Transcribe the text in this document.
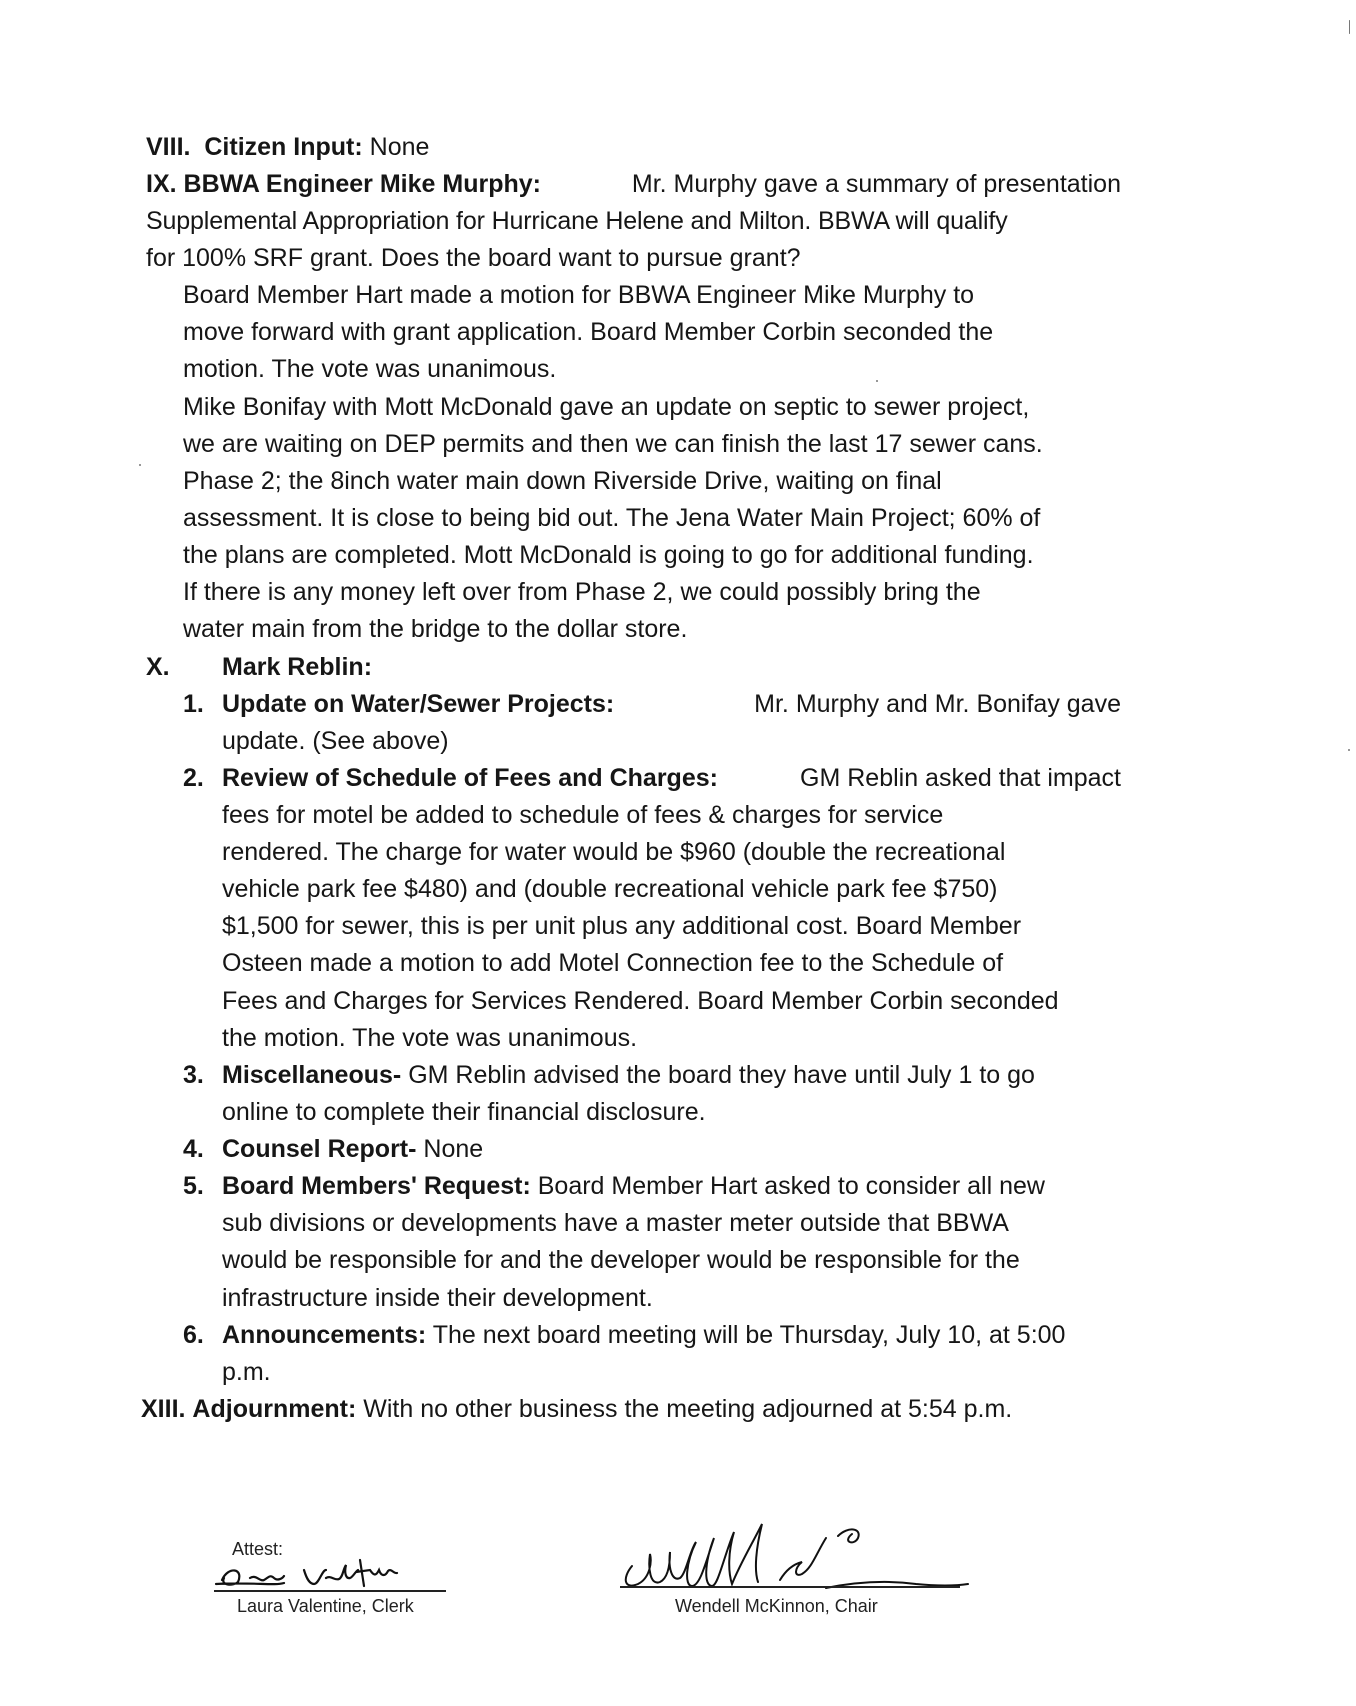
VIII. Citizen Input: None
IX. BBWA Engineer Mike Murphy:	Mr. Murphy gave a summary of presentation
Supplemental Appropriation for Hurricane Helene and Milton. BBWA will qualify
for 100% SRF grant. Does the board want to pursue grant?
Board Member Hart made a motion for BBWA Engineer Mike Murphy to
move forward with grant application. Board Member Corbin seconded the
motion. The vote was unanimous.
Mike Bonifay with Mott McDonald gave an update on septic to sewer project,
we are waiting on DEP permits and then we can finish the last 17 sewer cans.
Phase 2; the 8inch water main down Riverside Drive, waiting on final
assessment. It is close to being bid out. The Jena Water Main Project; 60% of
the plans are completed. Mott McDonald is going to go for additional funding.
If there is any money left over from Phase 2, we could possibly bring the
water main from the bridge to the dollar store.
X. Mark Reblin:
1. Update on Water/Sewer Projects:	Mr. Murphy and Mr. Bonifay gave
update. (See above)
2. Review of Schedule of Fees and Charges:	GM Reblin asked that impact
fees for motel be added to schedule of fees & charges for service
rendered. The charge for water would be $960 (double the recreational
vehicle park fee $480) and (double recreational vehicle park fee $750)
$1,500 for sewer, this is per unit plus any additional cost. Board Member
Osteen made a motion to add Motel Connection fee to the Schedule of
Fees and Charges for Services Rendered. Board Member Corbin seconded
the motion. The vote was unanimous.
3. Miscellaneous- GM Reblin advised the board they have until July 1 to go
online to complete their financial disclosure.
4. Counsel Report- None
5. Board Members' Request: Board Member Hart asked to consider all new
sub divisions or developments have a master meter outside that BBWA
would be responsible for and the developer would be responsible for the
infrastructure inside their development.
6. Announcements: The next board meeting will be Thursday, July 10, at 5:00
p.m.
XIII. Adjournment: With no other business the meeting adjourned at 5:54 p.m.
Attest:
Laura Valentine, Clerk	Wendell McKinnon, Chair
